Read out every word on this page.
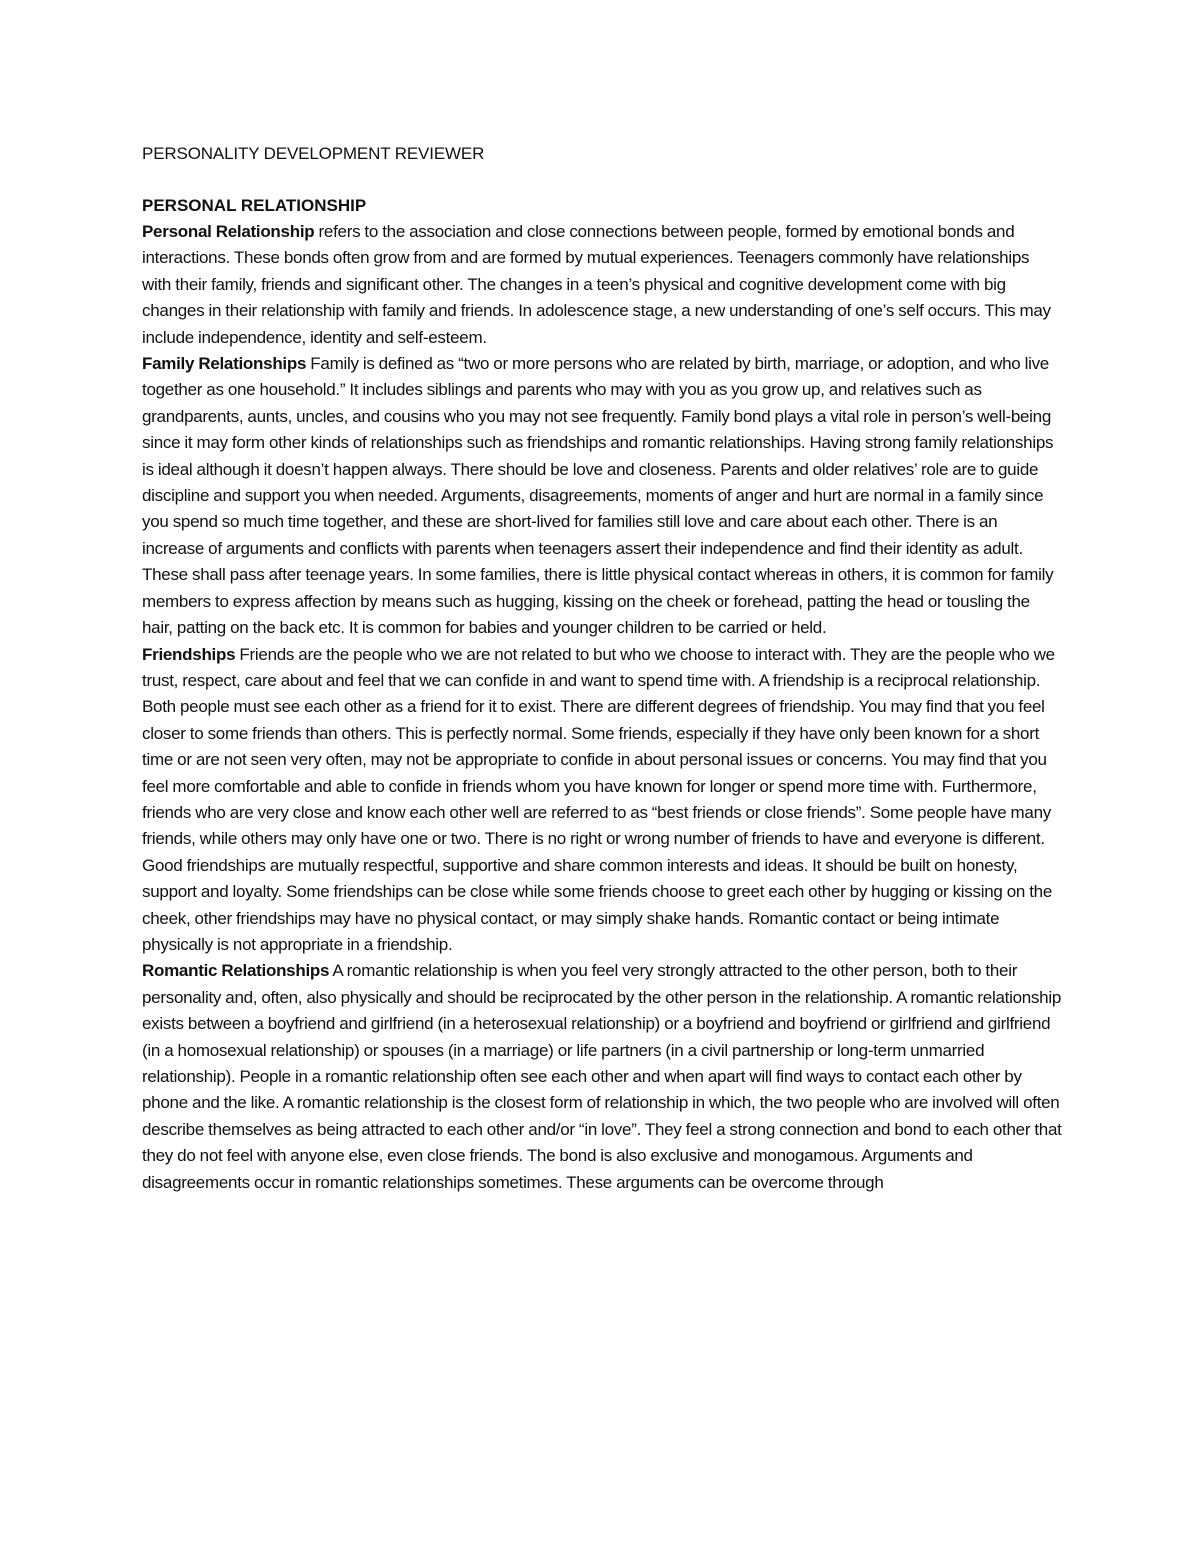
PERSONALITY DEVELOPMENT REVIEWER
PERSONAL RELATIONSHIP

Personal Relationship refers to the association and close connections between people, formed by emotional bonds and interactions. These bonds often grow from and are formed by mutual experiences. Teenagers commonly have relationships with their family, friends and significant other. The changes in a teen’s physical and cognitive development come with big changes in their relationship with family and friends. In adolescence stage, a new understanding of one’s self occurs. This may include independence, identity and self-esteem.

Family Relationships Family is defined as “two or more persons who are related by birth, marriage, or adoption, and who live together as one household.” It includes siblings and parents who may with you as you grow up, and relatives such as grandparents, aunts, uncles, and cousins who you may not see frequently. Family bond plays a vital role in person’s well-being since it may form other kinds of relationships such as friendships and romantic relationships. Having strong family relationships is ideal although it doesn’t happen always. There should be love and closeness. Parents and older relatives’ role are to guide discipline and support you when needed. Arguments, disagreements, moments of anger and hurt are normal in a family since you spend so much time together, and these are short-lived for families still love and care about each other. There is an increase of arguments and conflicts with parents when teenagers assert their independence and find their identity as adult. These shall pass after teenage years. In some families, there is little physical contact whereas in others, it is common for family members to express affection by means such as hugging, kissing on the cheek or forehead, patting the head or tousling the hair, patting on the back etc. It is common for babies and younger children to be carried or held.

Friendships Friends are the people who we are not related to but who we choose to interact with. They are the people who we trust, respect, care about and feel that we can confide in and want to spend time with. A friendship is a reciprocal relationship. Both people must see each other as a friend for it to exist. There are different degrees of friendship. You may find that you feel closer to some friends than others. This is perfectly normal. Some friends, especially if they have only been known for a short time or are not seen very often, may not be appropriate to confide in about personal issues or concerns. You may find that you feel more comfortable and able to confide in friends whom you have known for longer or spend more time with. Furthermore, friends who are very close and know each other well are referred to as “best friends or close friends”. Some people have many friends, while others may only have one or two. There is no right or wrong number of friends to have and everyone is different. Good friendships are mutually respectful, supportive and share common interests and ideas. It should be built on honesty, support and loyalty. Some friendships can be close while some friends choose to greet each other by hugging or kissing on the cheek, other friendships may have no physical contact, or may simply shake hands. Romantic contact or being intimate physically is not appropriate in a friendship.

Romantic Relationships A romantic relationship is when you feel very strongly attracted to the other person, both to their personality and, often, also physically and should be reciprocated by the other person in the relationship. A romantic relationship exists between a boyfriend and girlfriend (in a heterosexual relationship) or a boyfriend and boyfriend or girlfriend and girlfriend (in a homosexual relationship) or spouses (in a marriage) or life partners (in a civil partnership or long-term unmarried relationship). People in a romantic relationship often see each other and when apart will find ways to contact each other by phone and the like. A romantic relationship is the closest form of relationship in which, the two people who are involved will often describe themselves as being attracted to each other and/or “in love”. They feel a strong connection and bond to each other that they do not feel with anyone else, even close friends. The bond is also exclusive and monogamous. Arguments and disagreements occur in romantic relationships sometimes. These arguments can be overcome through
